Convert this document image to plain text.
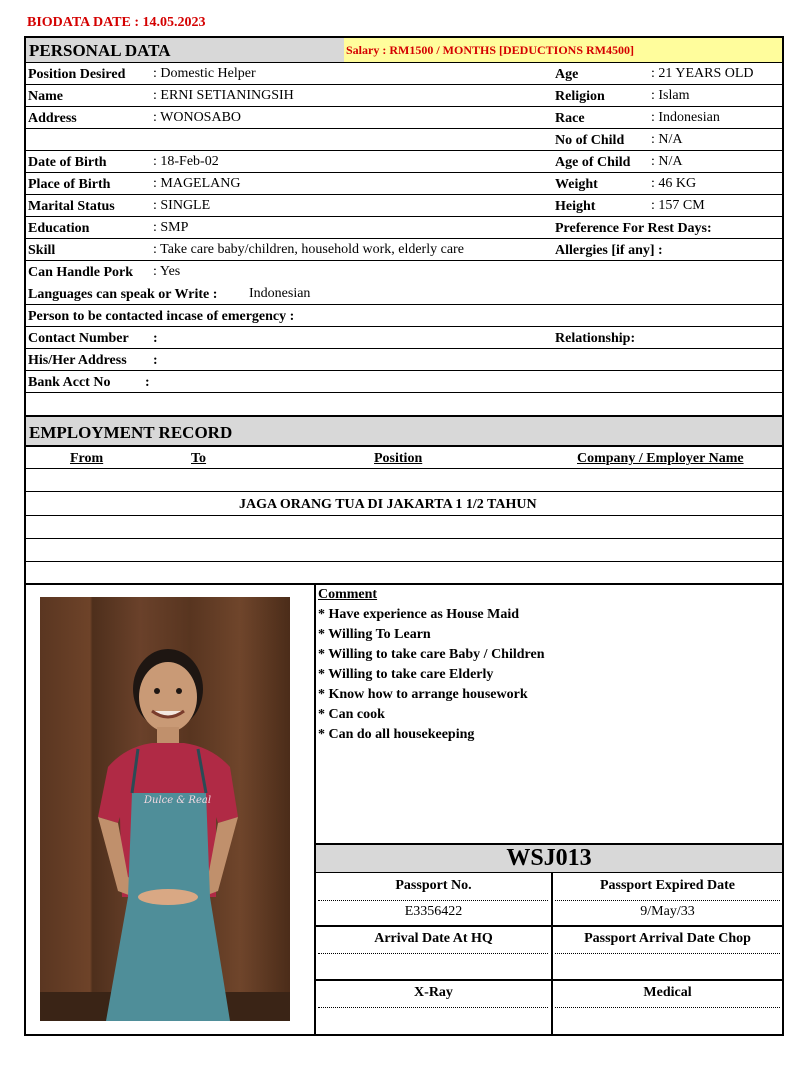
BIODATA DATE : 14.05.2023
PERSONAL DATA	Salary : RM1500 / MONTHS [DEDUCTIONS RM4500]
Position Desired : Domestic Helper	Age	: 21 YEARS OLD
Name	: ERNI SETIANINGSIH	Religion	: Islam
Address	: WONOSABO	Race	: Indonesian
No of Child : N/A
Date of Birth	: 18-Feb-02	Age of Child : N/A
Place of Birth	: MAGELANG	Weight	: 46 KG
Marital Status	: SINGLE	Height	: 157 CM
Education	: SMP	Preference For Rest Days:
Skill	: Take care baby/children, household work, elderly care	Allergies [if any] :
Can Handle Pork : Yes
Languages can speak or Write : Indonesian
Person to be contacted incase of emergency :
Contact Number :	Relationship:
His/Her Address :
Bank Acct No :
EMPLOYMENT RECORD
From	To	Position	Company / Employer Name
JAGA ORANG TUA DI JAKARTA 1 1/2 TAHUN
Dulce & Real
Comment
* Have experience as House Maid
* Willing To Learn
* Willing to take care Baby / Children
* Willing to take care Elderly
* Know how to arrange housework
* Can cook
* Can do all housekeeping
WSJ013
Passport No.	Passport Expired Date
E3356422	9/May/33
Arrival Date At HQ	Passport Arrival Date Chop
X-Ray	Medical
